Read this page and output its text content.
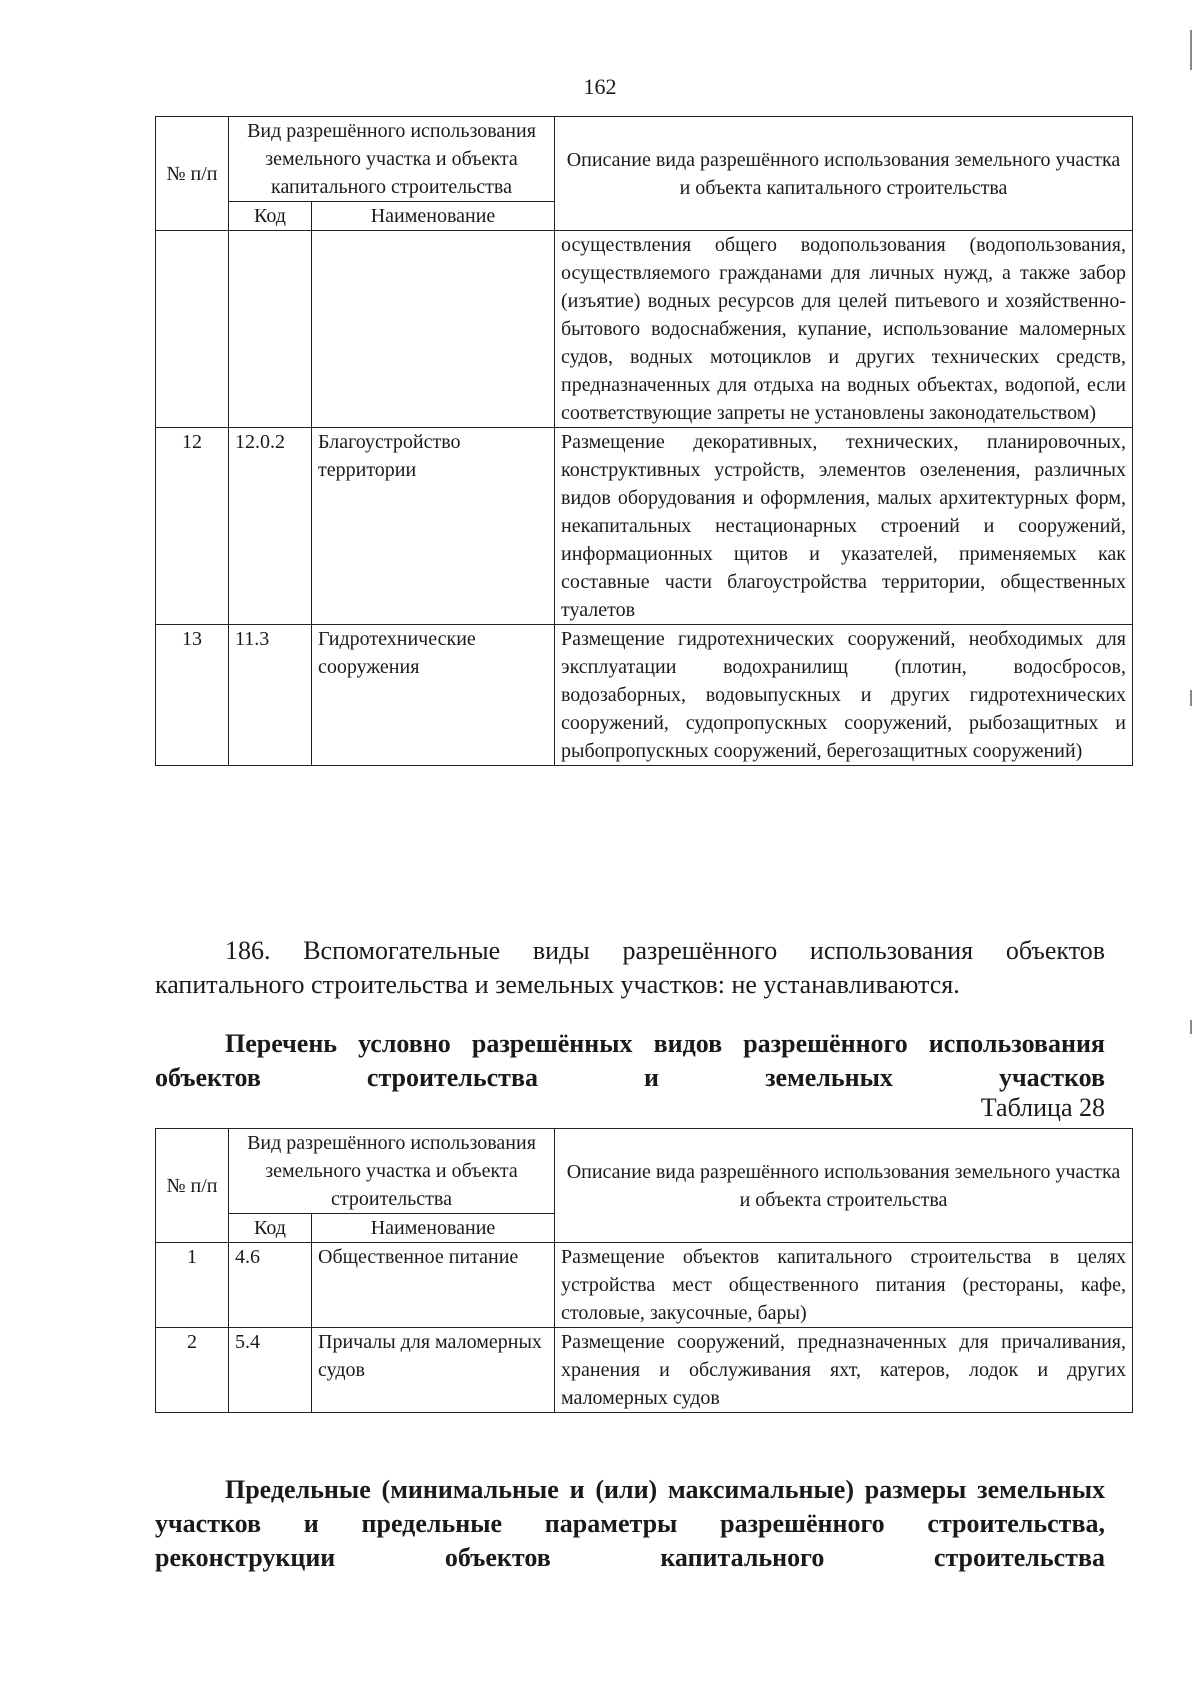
162
№ п/п	Вид разрешённого использования земельного участка и объекта капитального строительства		Описание вида разрешённого использования земельного участка и объекта капитального строительства
	Код	Наименование	
			осуществления общего водопользования (водопользования, осуществляемого гражданами для личных нужд, а также забор (изъятие) водных ресурсов для целей питьевого и хозяйственно-бытового водоснабжения, купание, использование маломерных судов, водных мотоциклов и других технических средств, предназначенных для отдыха на водных объектах, водопой, если соответствующие запреты не установлены законодательством)
12	12.0.2	Благоустройство территории	Размещение декоративных, технических, планировочных, конструктивных устройств, элементов озеленения, различных видов оборудования и оформления, малых архитектурных форм, некапитальных нестационарных строений и сооружений, информационных щитов и указателей, применяемых как составные части благоустройства территории, общественных туалетов
13	11.3	Гидротехнические сооружения	Размещение гидротехнических сооружений, необходимых для эксплуатации водохранилищ (плотин, водосбросов, водозаборных, водовыпускных и других гидротехнических сооружений, судопропускных сооружений, рыбозащитных и рыбопропускных сооружений, берегозащитных сооружений)
186. Вспомогательные виды разрешённого использования объектов капитального строительства и земельных участков: не устанавливаются.
Перечень условно разрешённых видов разрешённого использования объектов строительства и земельных участков
Таблица 28
№ п/п	Вид разрешённого использования земельного участка и объекта строительства		Описание вида разрешённого использования земельного участка и объекта строительства
	Код	Наименование	
1	4.6	Общественное питание	Размещение объектов капитального строительства в целях устройства мест общественного питания (рестораны, кафе, столовые, закусочные, бары)
2	5.4	Причалы для маломерных судов	Размещение сооружений, предназначенных для причаливания, хранения и обслуживания яхт, катеров, лодок и других маломерных судов
Предельные (минимальные и (или) максимальные) размеры земельных участков и предельные параметры разрешённого строительства, реконструкции объектов капитального строительства
